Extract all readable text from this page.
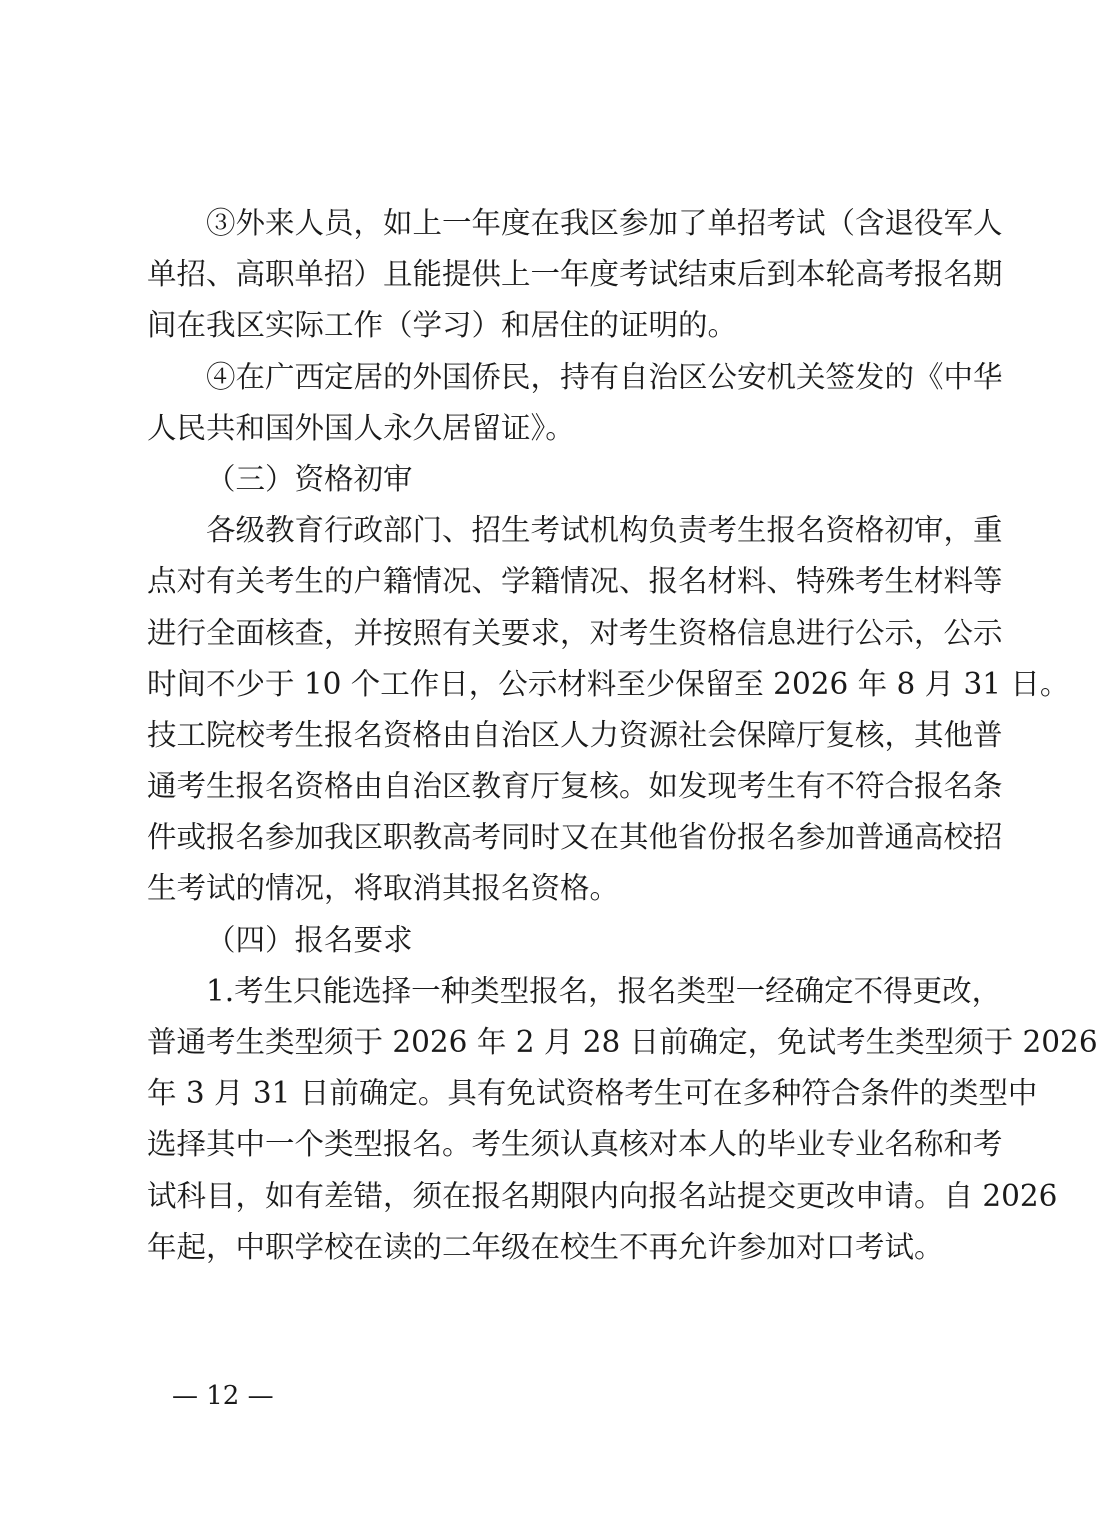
③外来人员，如上一年度在我区参加了单招考试（含退役军人
单招、高职单招）且能提供上一年度考试结束后到本轮高考报名期
间在我区实际工作（学习）和居住的证明的。
④在广西定居的外国侨民，持有自治区公安机关签发的《中华
人民共和国外国人永久居留证》。
（三）资格初审
各级教育行政部门、招生考试机构负责考生报名资格初审，重
点对有关考生的户籍情况、学籍情况、报名材料、特殊考生材料等
进行全面核查，并按照有关要求，对考生资格信息进行公示，公示
时间不少于 10 个工作日，公示材料至少保留至 2026 年 8 月 31 日。
技工院校考生报名资格由自治区人力资源社会保障厅复核，其他普
通考生报名资格由自治区教育厅复核。如发现考生有不符合报名条
件或报名参加我区职教高考同时又在其他省份报名参加普通高校招
生考试的情况，将取消其报名资格。
（四）报名要求
1.考生只能选择一种类型报名，报名类型一经确定不得更改，
普通考生类型须于 2026 年 2 月 28 日前确定，免试考生类型须于 2026
年 3 月 31 日前确定。具有免试资格考生可在多种符合条件的类型中
选择其中一个类型报名。考生须认真核对本人的毕业专业名称和考
试科目，如有差错，须在报名期限内向报名站提交更改申请。自 2026
年起，中职学校在读的二年级在校生不再允许参加对口考试。
— 12 —
